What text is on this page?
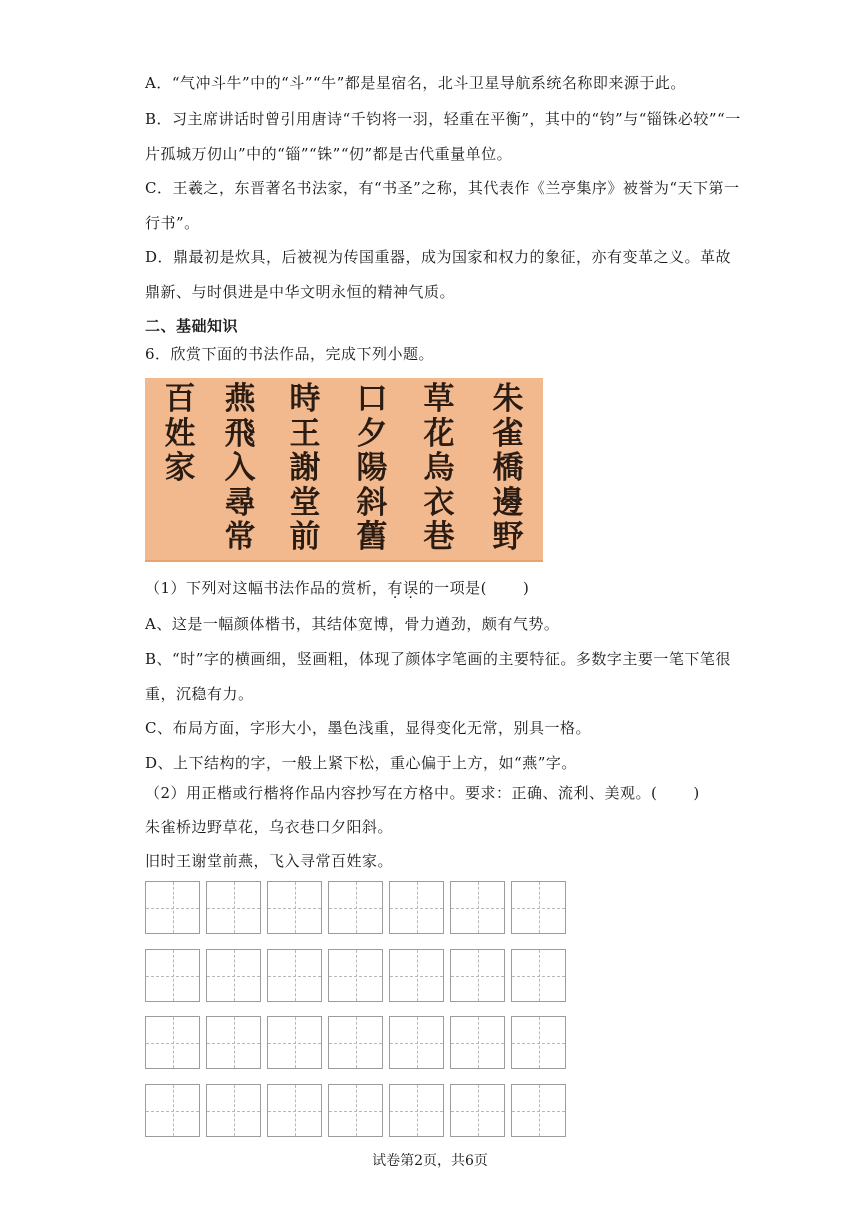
A．“气冲斗牛”中的“斗”“牛”都是星宿名，北斗卫星导航系统名称即来源于此。
B．习主席讲话时曾引用唐诗“千钧将一羽，轻重在平衡”，其中的“钧”与“锱铢必较”“一
片孤城万仞山”中的“锱”“铢”“仞”都是古代重量单位。
C．王羲之，东晋著名书法家，有“书圣”之称，其代表作《兰亭集序》被誉为“天下第一
行书”。
D．鼎最初是炊具，后被视为传国重器，成为国家和权力的象征，亦有变革之义。革故
鼎新、与时俱进是中华文明永恒的精神气质。
二、基础知识
6．欣赏下面的书法作品，完成下列小题。
朱
雀
橋
邊
野
草
花
烏
衣
巷
口
夕
陽
斜
舊
時
王
謝
堂
前
燕
飛
入
尋
常
百
姓
家
（1）下列对这幅书法作品的赏析，有误的一项是( )
A、这是一幅颜体楷书，其结体宽博，骨力遒劲，颇有气势。
B、“时”字的横画细，竖画粗，体现了颜体字笔画的主要特征。多数字主要一笔下笔很
重，沉稳有力。
C、布局方面，字形大小，墨色浅重，显得变化无常，别具一格。
D、上下结构的字，一般上紧下松，重心偏于上方，如“燕”字。
（2）用正楷或行楷将作品内容抄写在方格中。要求：正确、流利、美观。( )
朱雀桥边野草花，乌衣巷口夕阳斜。
旧时王谢堂前燕，飞入寻常百姓家。
试卷第2页，共6页
